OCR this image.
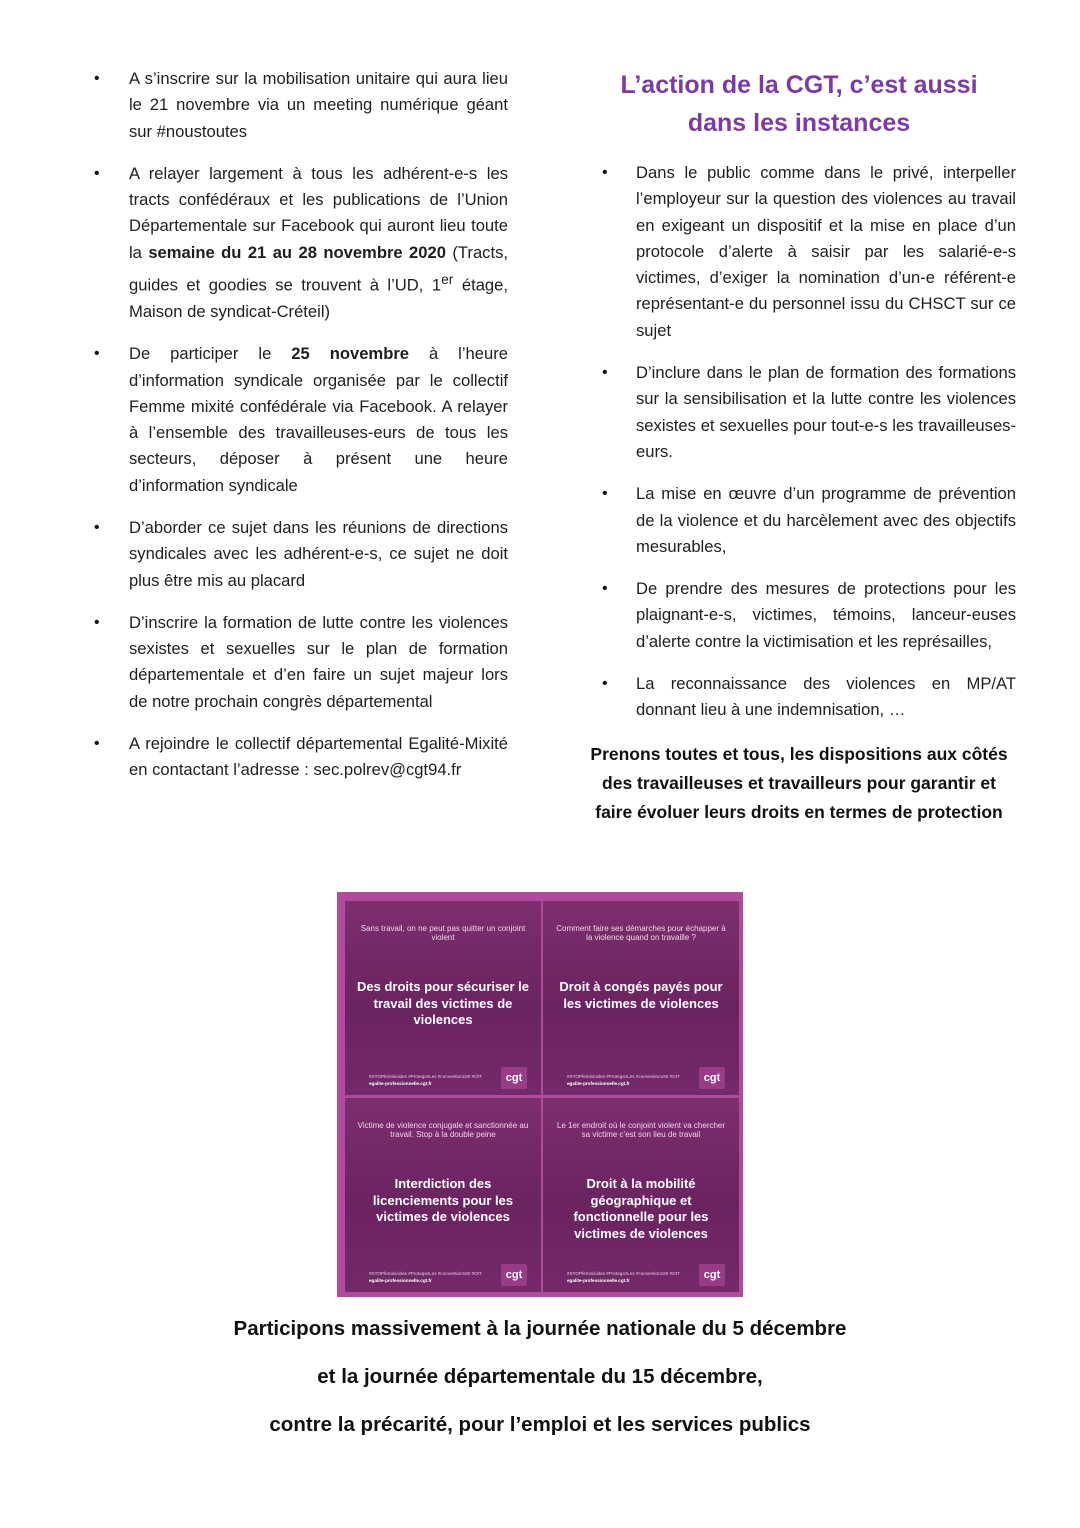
• A s’inscrire sur la mobilisation unitaire qui aura lieu le 21 novembre via un meeting numérique géant sur #noustoutes
• A relayer largement à tous les adhérent-e-s les tracts confédéraux et les publications de l’Union Départementale sur Facebook qui auront lieu toute la semaine du 21 au 28 novembre 2020 (Tracts, guides et goodies se trouvent à l’UD, 1er étage, Maison de syndicat-Créteil)
• De participer le 25 novembre à l’heure d’information syndicale organisée par le collectif Femme mixité confédérale via Facebook. A relayer à l’ensemble des travailleuses-eurs de tous les secteurs, déposer à présent une heure d’information syndicale
• D’aborder ce sujet dans les réunions de directions syndicales avec les adhérent-e-s, ce sujet ne doit plus être mis au placard
• D’inscrire la formation de lutte contre les violences sexistes et sexuelles sur le plan de formation départementale et d’en faire un sujet majeur lors de notre prochain congrès départemental
• A rejoindre le collectif départemental Egalité-Mixité en contactant l’adresse : sec.polrev@cgt94.fr
L’action de la CGT, c’est aussi
dans les instances
• Dans le public comme dans le privé, interpeller l’employeur sur la question des violences au travail en exigeant un dispositif et la mise en place d’un protocole d’alerte à saisir par les salarié-e-s victimes, d’exiger la nomination d’un-e référent-e représentant-e du personnel issu du CHSCT sur ce sujet
• D’inclure dans le plan de formation des formations sur la sensibilisation et la lutte contre les violences sexistes et sexuelles pour tout-e-s les travailleuses-eurs.
• La mise en œuvre d’un programme de prévention de la violence et du harcèlement avec des objectifs mesurables,
• De prendre des mesures de protections pour les plaignant-e-s, victimes, témoins, lanceur-euses d’alerte contre la victimisation et les représailles,
• La reconnaissance des violences en MP/AT donnant lieu à une indemnisation, …
Prenons toutes et tous, les dispositions aux côtés des travailleuses et travailleurs pour garantir et faire évoluer leurs droits en termes de protection
Sans travail, on ne peut pas quitter un conjoint violent
Des droits pour sécuriser le travail des victimes de violences
#STOPfeminicides #ProtegezLes #convention190 #OIT
egalite-professionnelle.cgt.fr	cgt
Comment faire ses démarches pour échapper à la violence quand on travaille ?
Droit à congés payés pour les victimes de violences
#STOPfeminicides #ProtegezLes #convention190 #OIT
egalite-professionnelle.cgt.fr	cgt
Victime de violence conjugale et sanctionnée au travail. Stop à la double peine
Interdiction des licenciements pour les victimes de violences
#STOPfeminicides #ProtegezLes #convention190 #OIT
egalite-professionnelle.cgt.fr	cgt
Le 1er endroit où le conjoint violent va chercher sa victime c’est son lieu de travail
Droit à la mobilité géographique et fonctionnelle pour les victimes de violences
#STOPfeminicides #ProtegezLes #convention190 #OIT
egalite-professionnelle.cgt.fr	cgt
Participons massivement à la journée nationale du 5 décembre
et la journée départementale du 15 décembre,
contre la précarité, pour l’emploi et les services publics
